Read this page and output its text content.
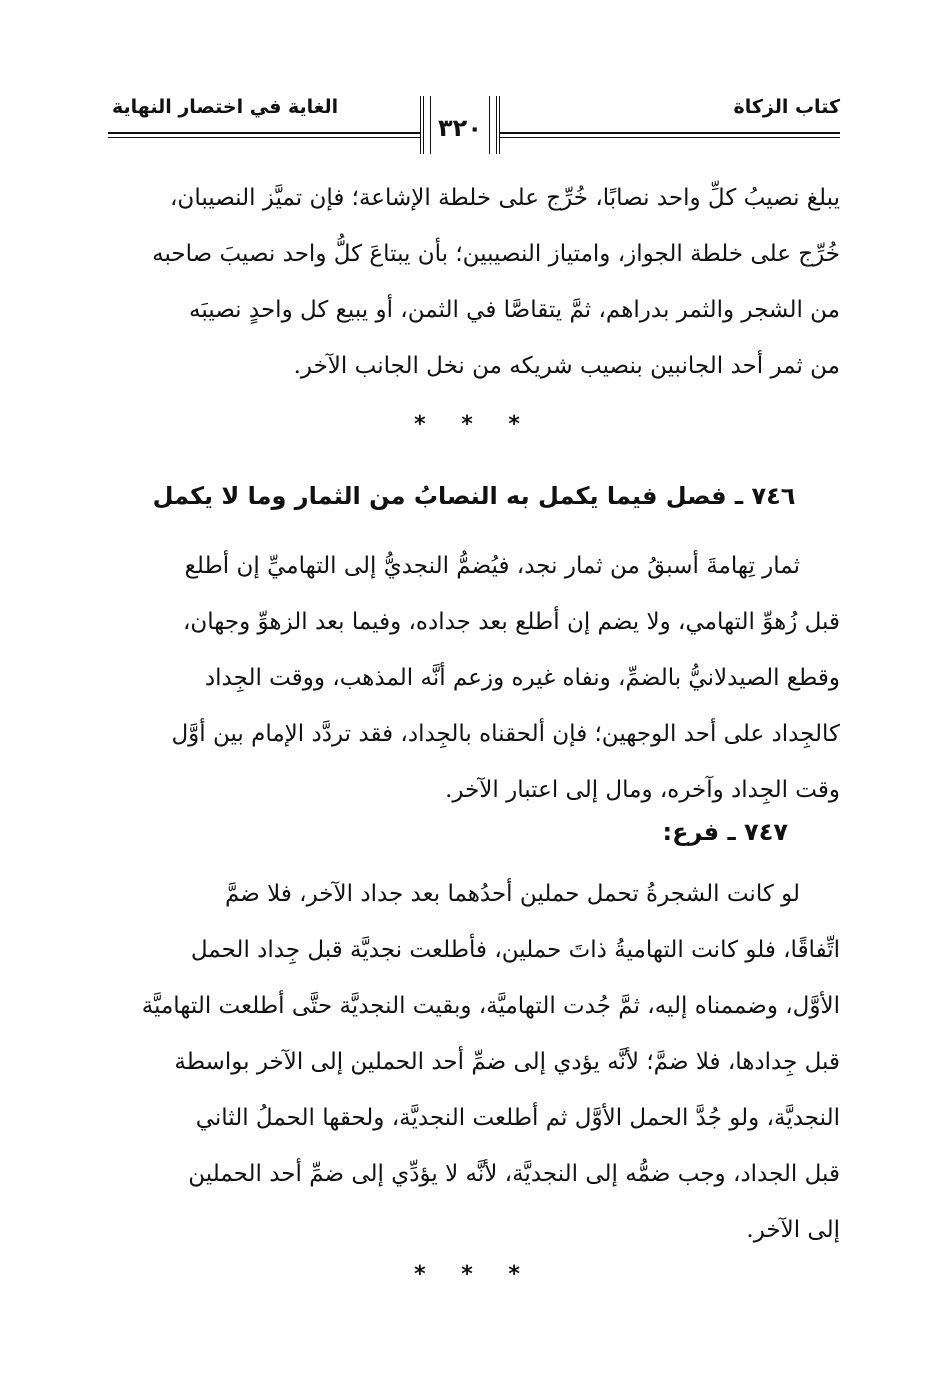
كتاب الزكاة
الغاية في اختصار النهاية
٣٢٠

يبلغ نصيبُ كلِّ واحد نصابًا، خُرِّج على خلطة الإشاعة؛ فإن تميَّز النصيبان،

خُرِّج على خلطة الجواز، وامتياز النصيبين؛ بأن يبتاعَ كلُّ واحد نصيبَ صاحبه

من الشجر والثمر بدراهم، ثمَّ يتقاصَّا في الثمن، أو يبيع كل واحدٍ نصيبَه

من ثمر أحد الجانبين بنصيب شريكه من نخل الجانب الآخر.

* * *
٧٤٦ ـ فصل فيما يكمل به النصابُ من الثمار وما لا يكمل

ثمار تِهامةَ أسبقُ من ثمار نجد، فيُضمُّ النجديُّ إلى التهاميِّ إن أطلع

قبل زُهوِّ التهامي، ولا يضم إن أطلع بعد جداده، وفيما بعد الزهوِّ وجهان،

وقطع الصيدلانيُّ بالضمِّ، ونفاه غيره وزعم أنَّه المذهب، ووقت الجِداد

كالجِداد على أحد الوجهين؛ فإن ألحقناه بالجِداد، فقد تردَّد الإمام بين أوَّل

وقت الجِداد وآخره، ومال إلى اعتبار الآخر.

٧٤٧ ـ فرع:

لو كانت الشجرةُ تحمل حملين أحدُهما بعد جداد الآخر، فلا ضمَّ

اتِّفاقًا، فلو كانت التهاميةُ ذاتَ حملين، فأطلعت نجديَّة قبل جِداد الحمل

الأوَّل، وضممناه إليه، ثمَّ جُدت التهاميَّة، وبقيت النجديَّة حتَّى أطلعت التهاميَّة

قبل جِدادها، فلا ضمَّ؛ لأنَّه يؤدي إلى ضمِّ أحد الحملين إلى الآخر بواسطة

النجديَّة، ولو جُدَّ الحمل الأوَّل ثم أطلعت النجديَّة، ولحقها الحملُ الثاني

قبل الجداد، وجب ضمُّه إلى النجديَّة، لأنَّه لا يؤدِّي إلى ضمِّ أحد الحملين

إلى الآخر.

* * *
